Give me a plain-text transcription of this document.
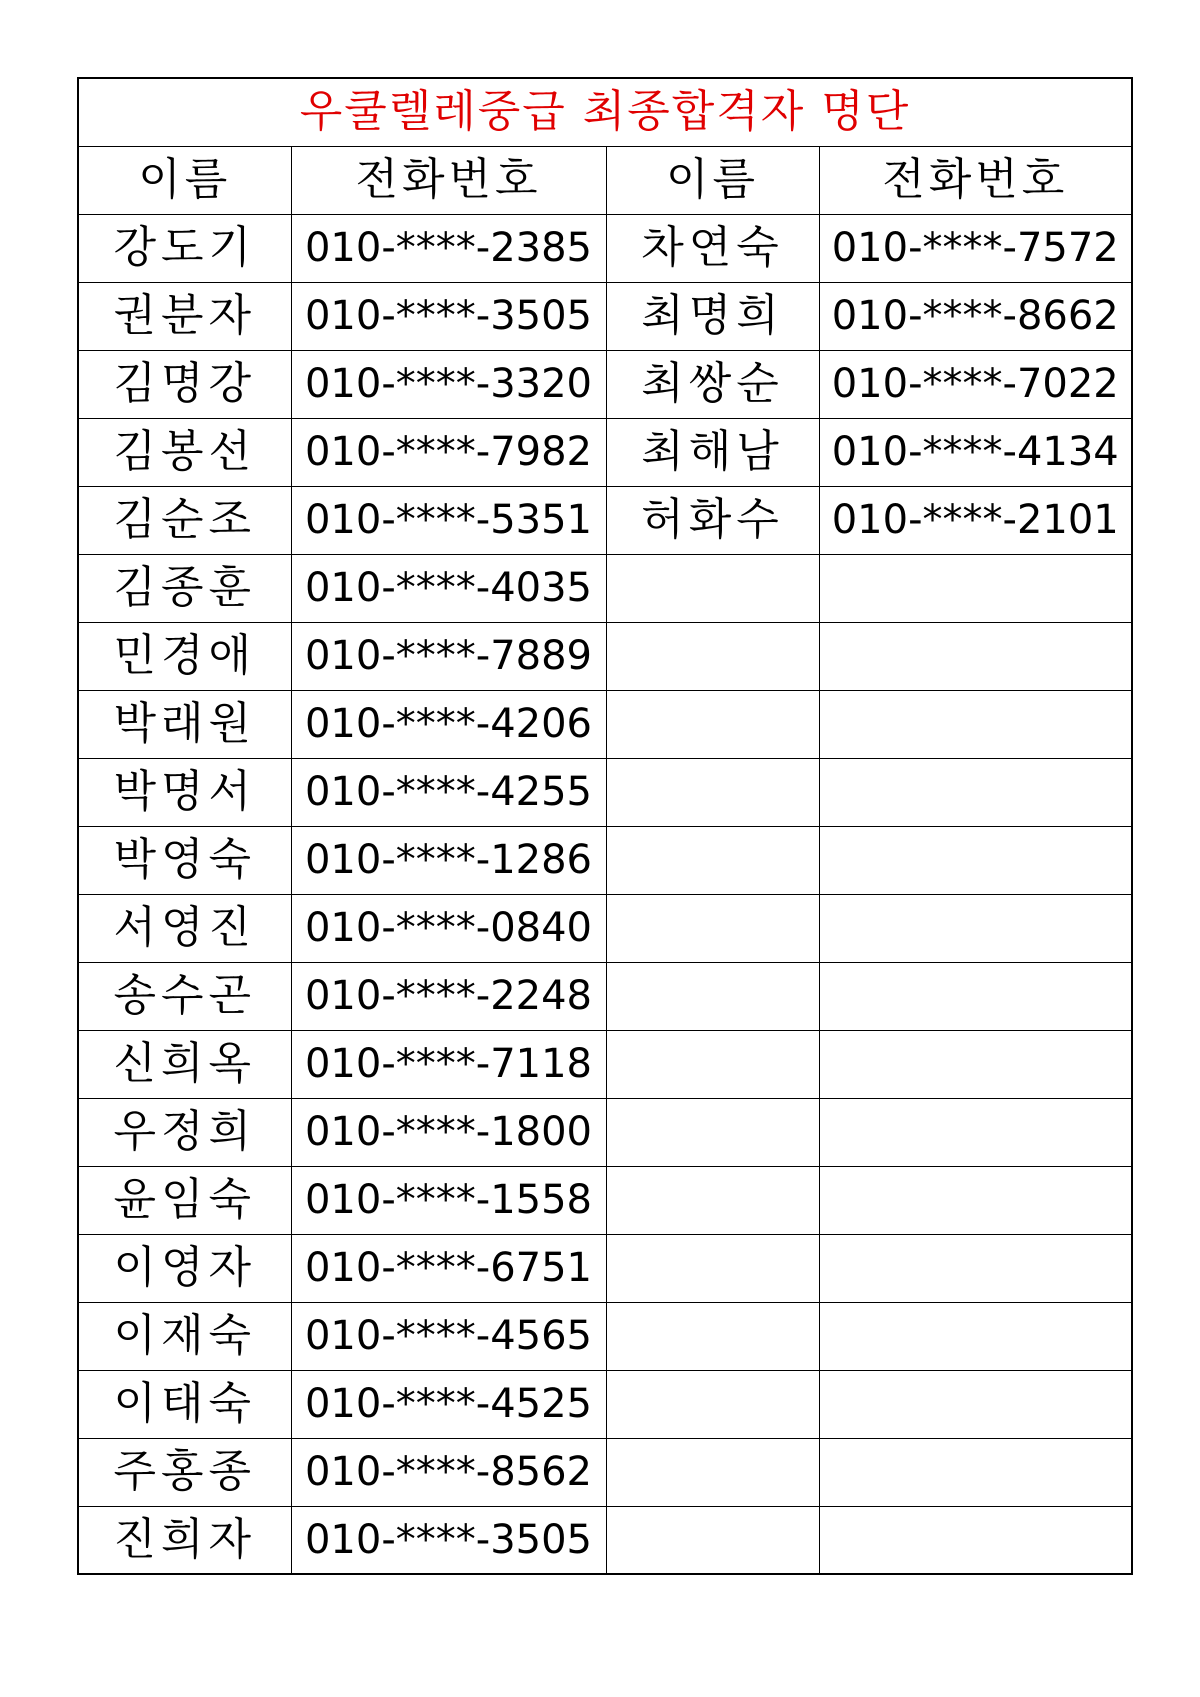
우쿨렐레중급 최종합격자 명단			
이름	전화번호	이름	전화번호
강도기	010-****-2385	차연숙	010-****-7572
권분자	010-****-3505	최명희	010-****-8662
김명강	010-****-3320	최쌍순	010-****-7022
김봉선	010-****-7982	최해남	010-****-4134
김순조	010-****-5351	허화수	010-****-2101
김종훈	010-****-4035		
민경애	010-****-7889		
박래원	010-****-4206		
박명서	010-****-4255		
박영숙	010-****-1286		
서영진	010-****-0840		
송수곤	010-****-2248		
신희옥	010-****-7118		
우정희	010-****-1800		
윤임숙	010-****-1558		
이영자	010-****-6751		
이재숙	010-****-4565		
이태숙	010-****-4525		
주홍종	010-****-8562		
진희자	010-****-3505		
